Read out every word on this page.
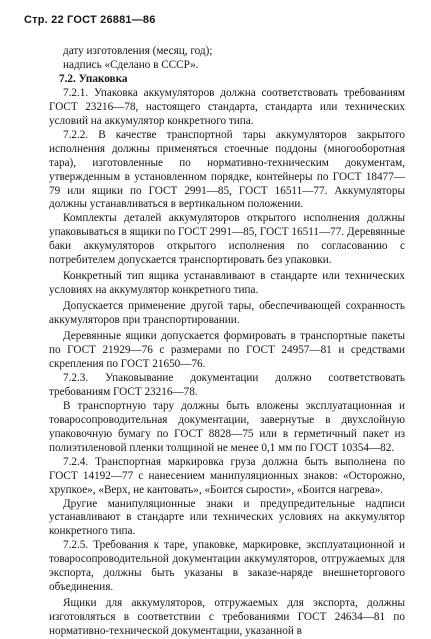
Стр. 22 ГОСТ 26881—86

дату изготовления (месяц, год);

надпись «Сделано в СССР».

7.2. Упаковка

7.2.1. Упаковка аккумуляторов должна соответствовать требованиям ГОСТ 23216—78, настоящего стандарта, стандарта или технических условий на аккумулятор конкретного типа.

7.2.2. В качестве транспортной тары аккумуляторов закрытого исполнения должны применяться стоечные поддоны (многооборотная тара), изготовленные по нормативно-техническим документам, утвержденным в установленном порядке, контейнеры по ГОСТ 18477—79 или ящики по ГОСТ 2991—85, ГОСТ 16511—77. Аккумуляторы должны устанавливаться в вертикальном положении.

Комплекты деталей аккумуляторов открытого исполнения должны упаковываться в ящики по ГОСТ 2991—85, ГОСТ 16511—77. Деревянные баки аккумуляторов открытого исполнения по согласованию с потребителем допускается транспортировать без упаковки.

Конкретный тип ящика устанавливают в стандарте или технических условиях на аккумулятор конкретного типа.

Допускается применение другой тары, обеспечивающей сохранность аккумуляторов при транспортировании.

Деревянные ящики допускается формировать в транспортные пакеты по ГОСТ 21929—76 с размерами по ГОСТ 24957—81 и средствами скрепления по ГОСТ 21650—76.

7.2.3. Упаковывание документации должно соответствовать требованиям ГОСТ 23216—78.

В транспортную тару должны быть вложены эксплуатационная и товаросопроводительная документации, завернутые в двухслойную упаковочную бумагу по ГОСТ 8828—75 или в герметичный пакет из полиэтиленовой пленки толщиной не менее 0,1 мм по ГОСТ 10354—82.

7.2.4. Транспортная маркировка груза должна быть выполнена по ГОСТ 14192—77 с нанесением манипуляционных знаков: «Осторожно, хрупкое», «Верх, не кантовать», «Боится сырости», «Боится нагрева».

Другие манипуляционные знаки и предупредительные надписи устанавливают в стандарте или технических условиях на аккумулятор конкретного типа.

7.2.5. Требования к таре, упаковке, маркировке, эксплуатационной и товаросопроводительной документации аккумуляторов, отгружаемых для экспорта, должны быть указаны в заказе-наряде внешнеторгового объединения.

Ящики для аккумуляторов, отгружаемых для экспорта, должны изготовляться в соответствии с требованиями ГОСТ 24634—81 по нормативно-технической документации, указанной в
